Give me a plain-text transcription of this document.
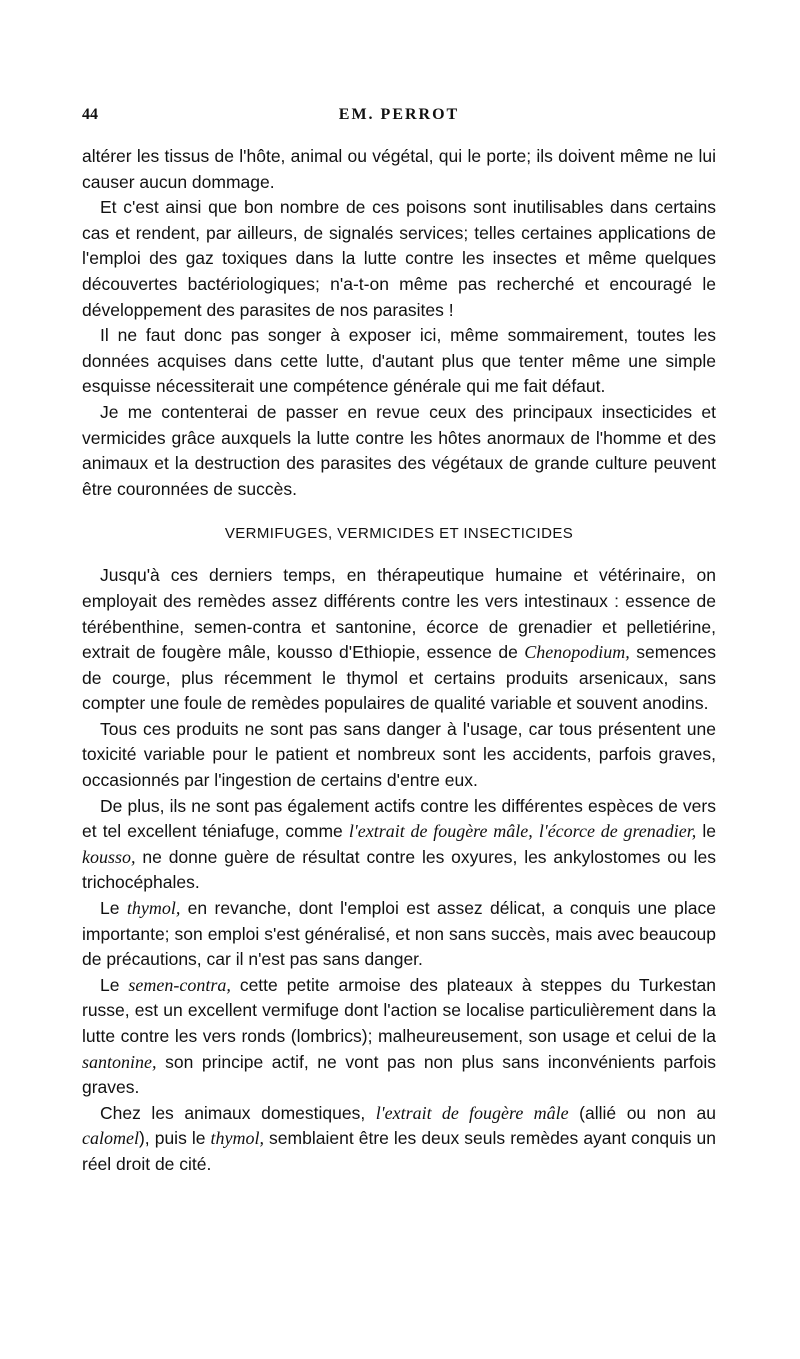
44	EM. PERROT

altérer les tissus de l'hôte, animal ou végétal, qui le porte; ils doivent même ne lui causer aucun dommage.

Et c'est ainsi que bon nombre de ces poisons sont inutilisables dans certains cas et rendent, par ailleurs, de signalés services; telles certaines applications de l'emploi des gaz toxiques dans la lutte contre les insectes et même quelques découvertes bactériologiques; n'a-t-on même pas recherché et encouragé le développement des parasites de nos parasites !

Il ne faut donc pas songer à exposer ici, même sommairement, toutes les données acquises dans cette lutte, d'autant plus que tenter même une simple esquisse nécessiterait une compétence générale qui me fait défaut.

Je me contenterai de passer en revue ceux des principaux insecticides et vermicides grâce auxquels la lutte contre les hôtes anormaux de l'homme et des animaux et la destruction des parasites des végétaux de grande culture peuvent être couronnées de succès.

VERMIFUGES, VERMICIDES ET INSECTICIDES

Jusqu'à ces derniers temps, en thérapeutique humaine et vétérinaire, on employait des remèdes assez différents contre les vers intestinaux : essence de térébenthine, semen-contra et santonine, écorce de grenadier et pelletiérine, extrait de fougère mâle, kousso d'Ethiopie, essence de Chenopodium, semences de courge, plus récemment le thymol et certains produits arsenicaux, sans compter une foule de remèdes populaires de qualité variable et souvent anodins.

Tous ces produits ne sont pas sans danger à l'usage, car tous présentent une toxicité variable pour le patient et nombreux sont les accidents, parfois graves, occasionnés par l'ingestion de certains d'entre eux.

De plus, ils ne sont pas également actifs contre les différentes espèces de vers et tel excellent téniafuge, comme l'extrait de fougère mâle, l'écorce de grenadier, le kousso, ne donne guère de résultat contre les oxyures, les ankylostomes ou les trichocéphales.

Le thymol, en revanche, dont l'emploi est assez délicat, a conquis une place importante; son emploi s'est généralisé, et non sans succès, mais avec beaucoup de précautions, car il n'est pas sans danger.

Le semen-contra, cette petite armoise des plateaux à steppes du Turkestan russe, est un excellent vermifuge dont l'action se localise particulièrement dans la lutte contre les vers ronds (lombrics); malheureusement, son usage et celui de la santonine, son principe actif, ne vont pas non plus sans inconvénients parfois graves.

Chez les animaux domestiques, l'extrait de fougère mâle (allié ou non au calomel), puis le thymol, semblaient être les deux seuls remèdes ayant conquis un réel droit de cité.
